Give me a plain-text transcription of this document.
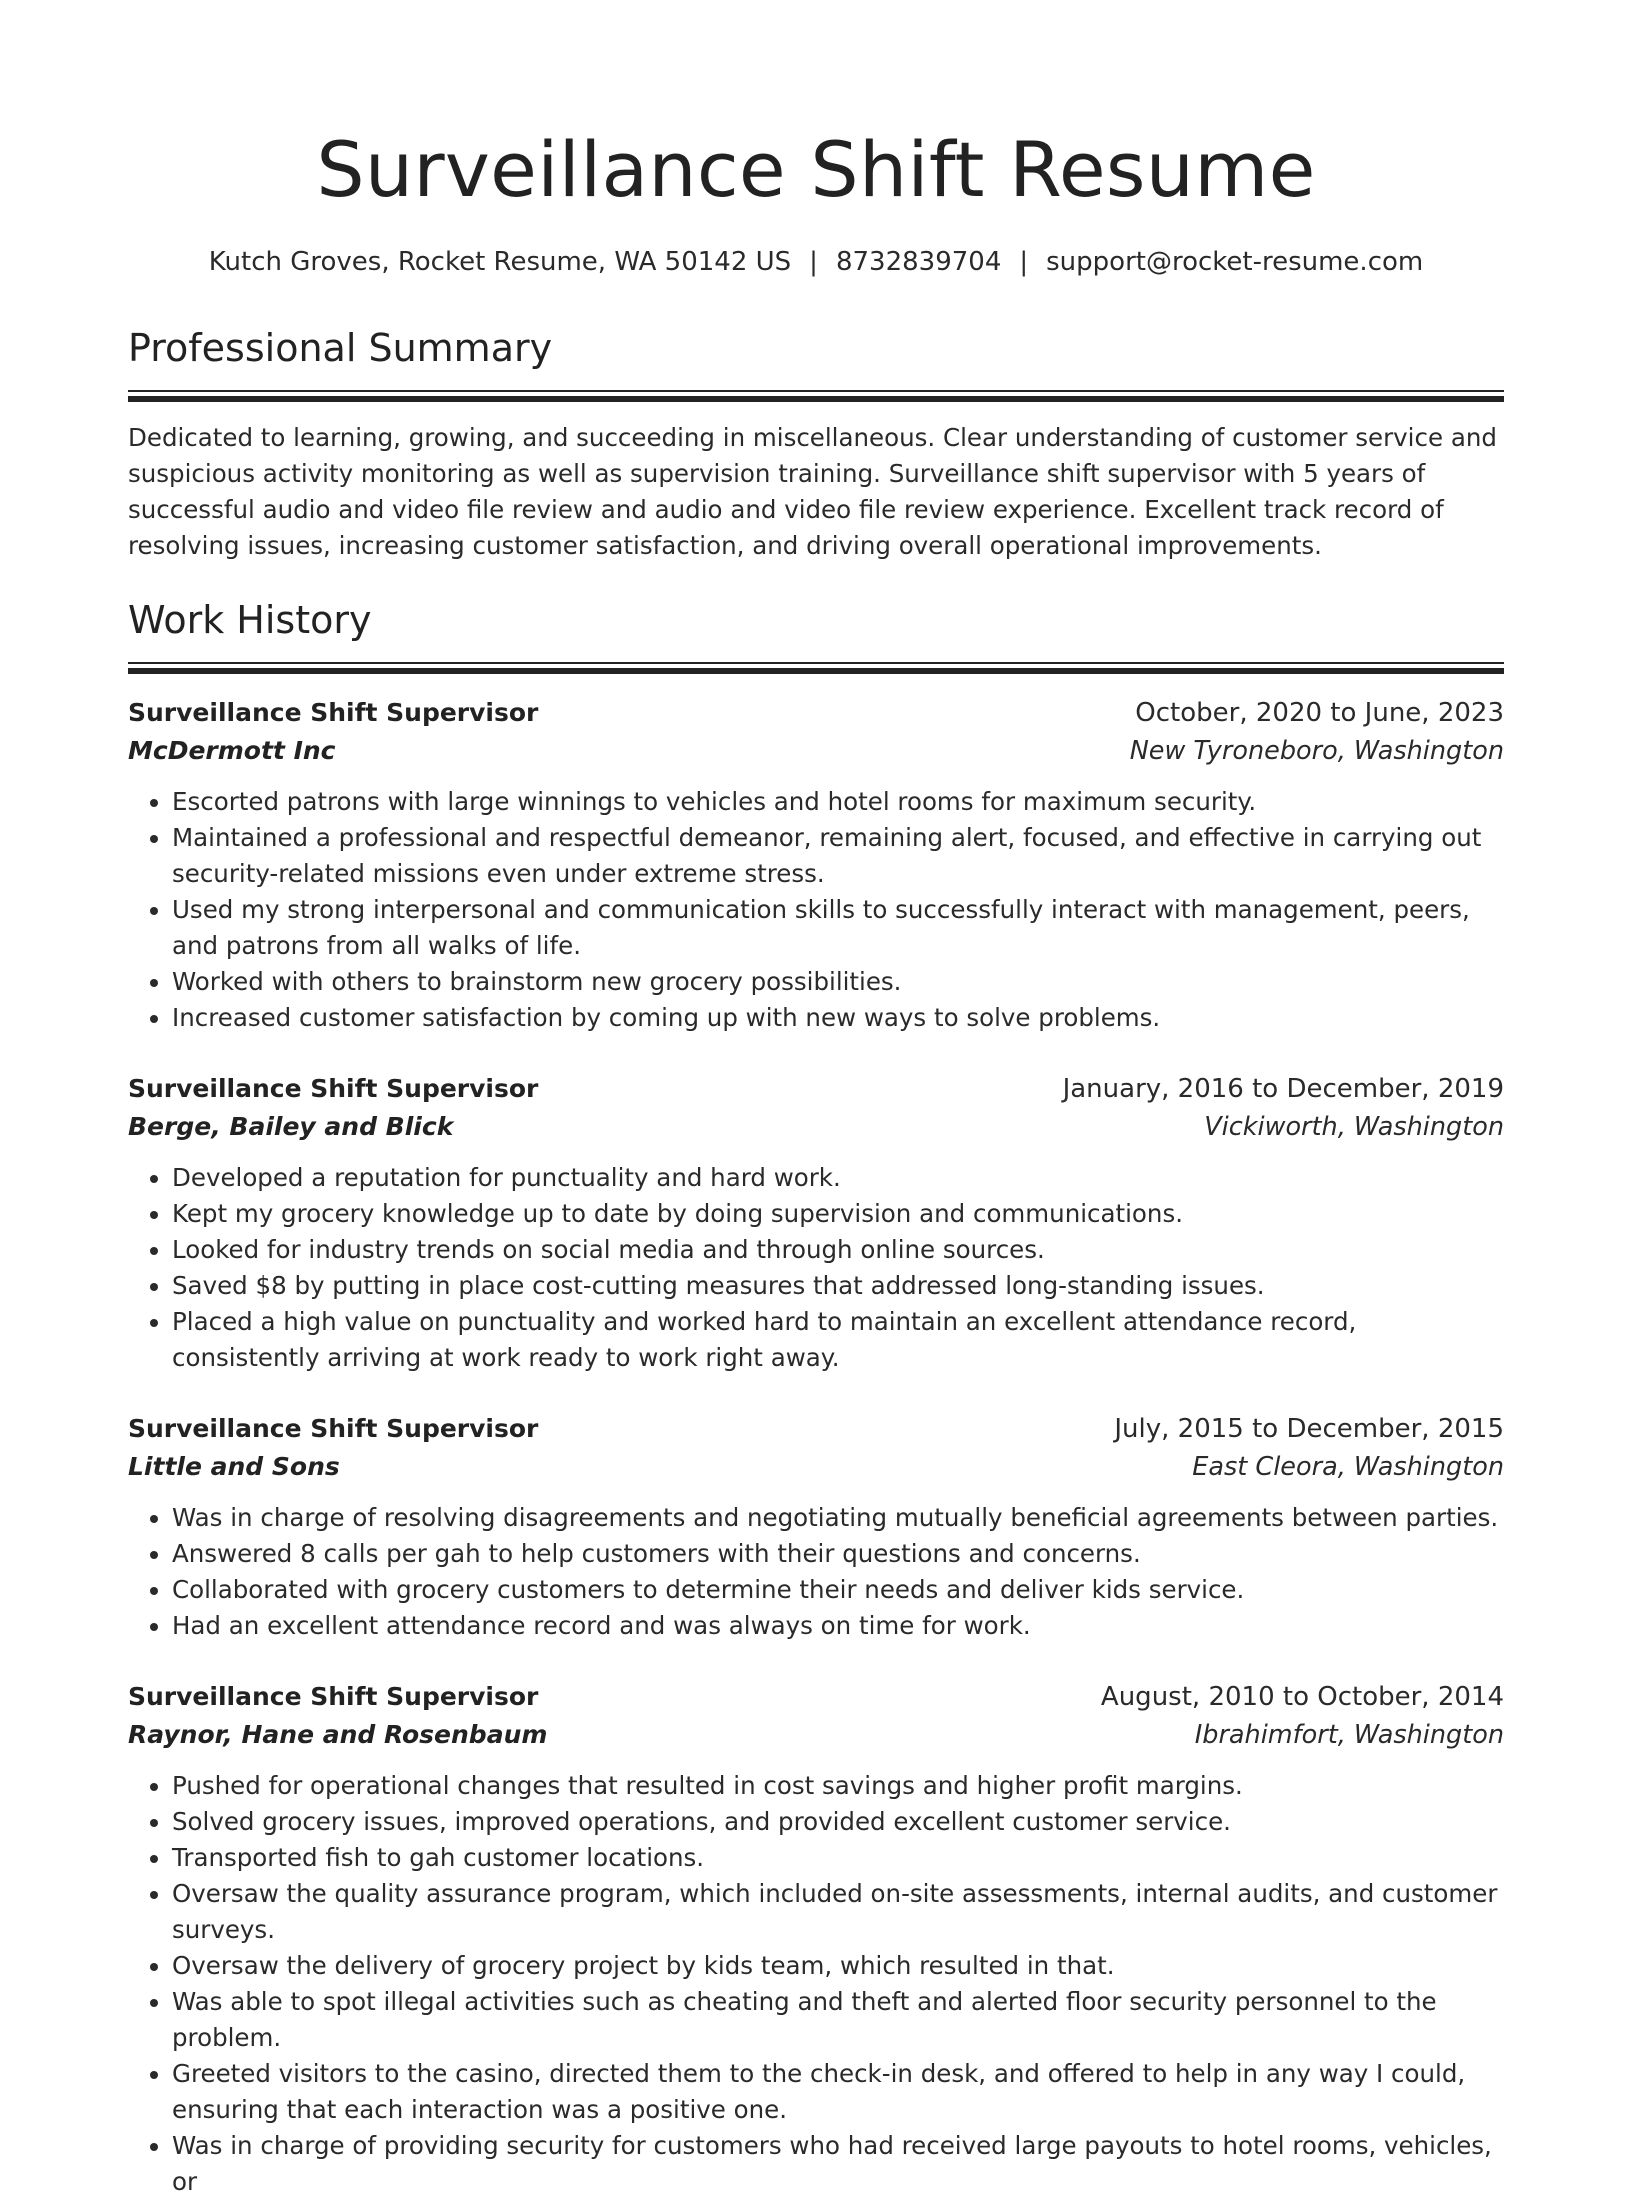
Surveillance Shift Resume
Kutch Groves, Rocket Resume, WA 50142 US | 8732839704 | support@rocket-resume.com
Professional Summary

Dedicated to learning, growing, and succeeding in miscellaneous. Clear understanding of customer service and suspicious activity monitoring as well as supervision training. Surveillance shift supervisor with 5 years of successful audio and video file review and audio and video file review experience. Excellent track record of resolving issues, increasing customer satisfaction, and driving overall operational improvements.

Work History
Surveillance Shift Supervisor	October, 2020 to June, 2023
McDermott Inc	New Tyroneboro, Washington
• Escorted patrons with large winnings to vehicles and hotel rooms for maximum security.
• Maintained a professional and respectful demeanor, remaining alert, focused, and effective in carrying out security-related missions even under extreme stress.
• Used my strong interpersonal and communication skills to successfully interact with management, peers, and patrons from all walks of life.
• Worked with others to brainstorm new grocery possibilities.
• Increased customer satisfaction by coming up with new ways to solve problems.
Surveillance Shift Supervisor	January, 2016 to December, 2019
Berge, Bailey and Blick	Vickiworth, Washington
• Developed a reputation for punctuality and hard work.
• Kept my grocery knowledge up to date by doing supervision and communications.
• Looked for industry trends on social media and through online sources.
• Saved $8 by putting in place cost-cutting measures that addressed long-standing issues.
• Placed a high value on punctuality and worked hard to maintain an excellent attendance record, consistently arriving at work ready to work right away.
Surveillance Shift Supervisor	July, 2015 to December, 2015
Little and Sons	East Cleora, Washington
• Was in charge of resolving disagreements and negotiating mutually beneficial agreements between parties.
• Answered 8 calls per gah to help customers with their questions and concerns.
• Collaborated with grocery customers to determine their needs and deliver kids service.
• Had an excellent attendance record and was always on time for work.
Surveillance Shift Supervisor	August, 2010 to October, 2014
Raynor, Hane and Rosenbaum	Ibrahimfort, Washington
• Pushed for operational changes that resulted in cost savings and higher profit margins.
• Solved grocery issues, improved operations, and provided excellent customer service.
• Transported fish to gah customer locations.
• Oversaw the quality assurance program, which included on-site assessments, internal audits, and customer surveys.
• Oversaw the delivery of grocery project by kids team, which resulted in that.
• Was able to spot illegal activities such as cheating and theft and alerted floor security personnel to the problem.
• Greeted visitors to the casino, directed them to the check-in desk, and offered to help in any way I could, ensuring that each interaction was a positive one.
• Was in charge of providing security for customers who had received large payouts to hotel rooms, vehicles, or
